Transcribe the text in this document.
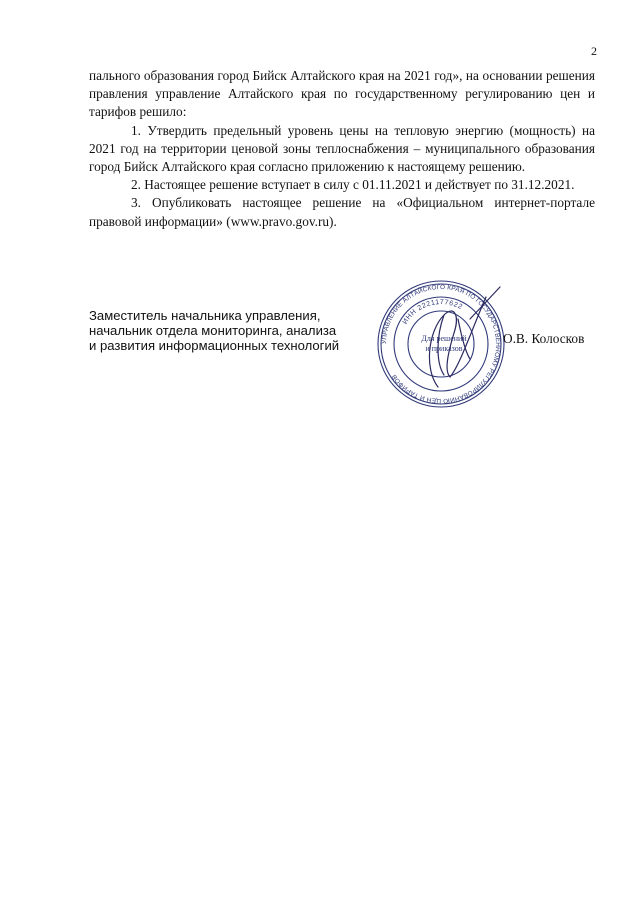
2

пального образования город Бийск Алтайского края на 2021 год», на основании решения правления управление Алтайского края по государственному регулированию цен и тарифов решило:

1. Утвердить предельный уровень цены на тепловую энергию (мощность) на 2021 год на территории ценовой зоны теплоснабжения – муниципального образования город Бийск Алтайского края согласно приложению к настоящему решению.

2. Настоящее решение вступает в силу с 01.11.2021 и действует по 31.12.2021.

3. Опубликовать настоящее решение на «Официальном интернет-портале правовой информации» (www.pravo.gov.ru).

Заместитель начальника управления,
начальник отдела мониторинга, анализа
и развития информационных технологий	УПРАВЛЕНИЕ АЛТАЙСКОГО КРАЯ ПО ГОСУДАРСТВЕННОМУ РЕГУЛИРОВАНИЮ ЦЕН И ТАРИФОВ
ИНН 2221177622
Для решений
и приказов
О.В. Колосков
